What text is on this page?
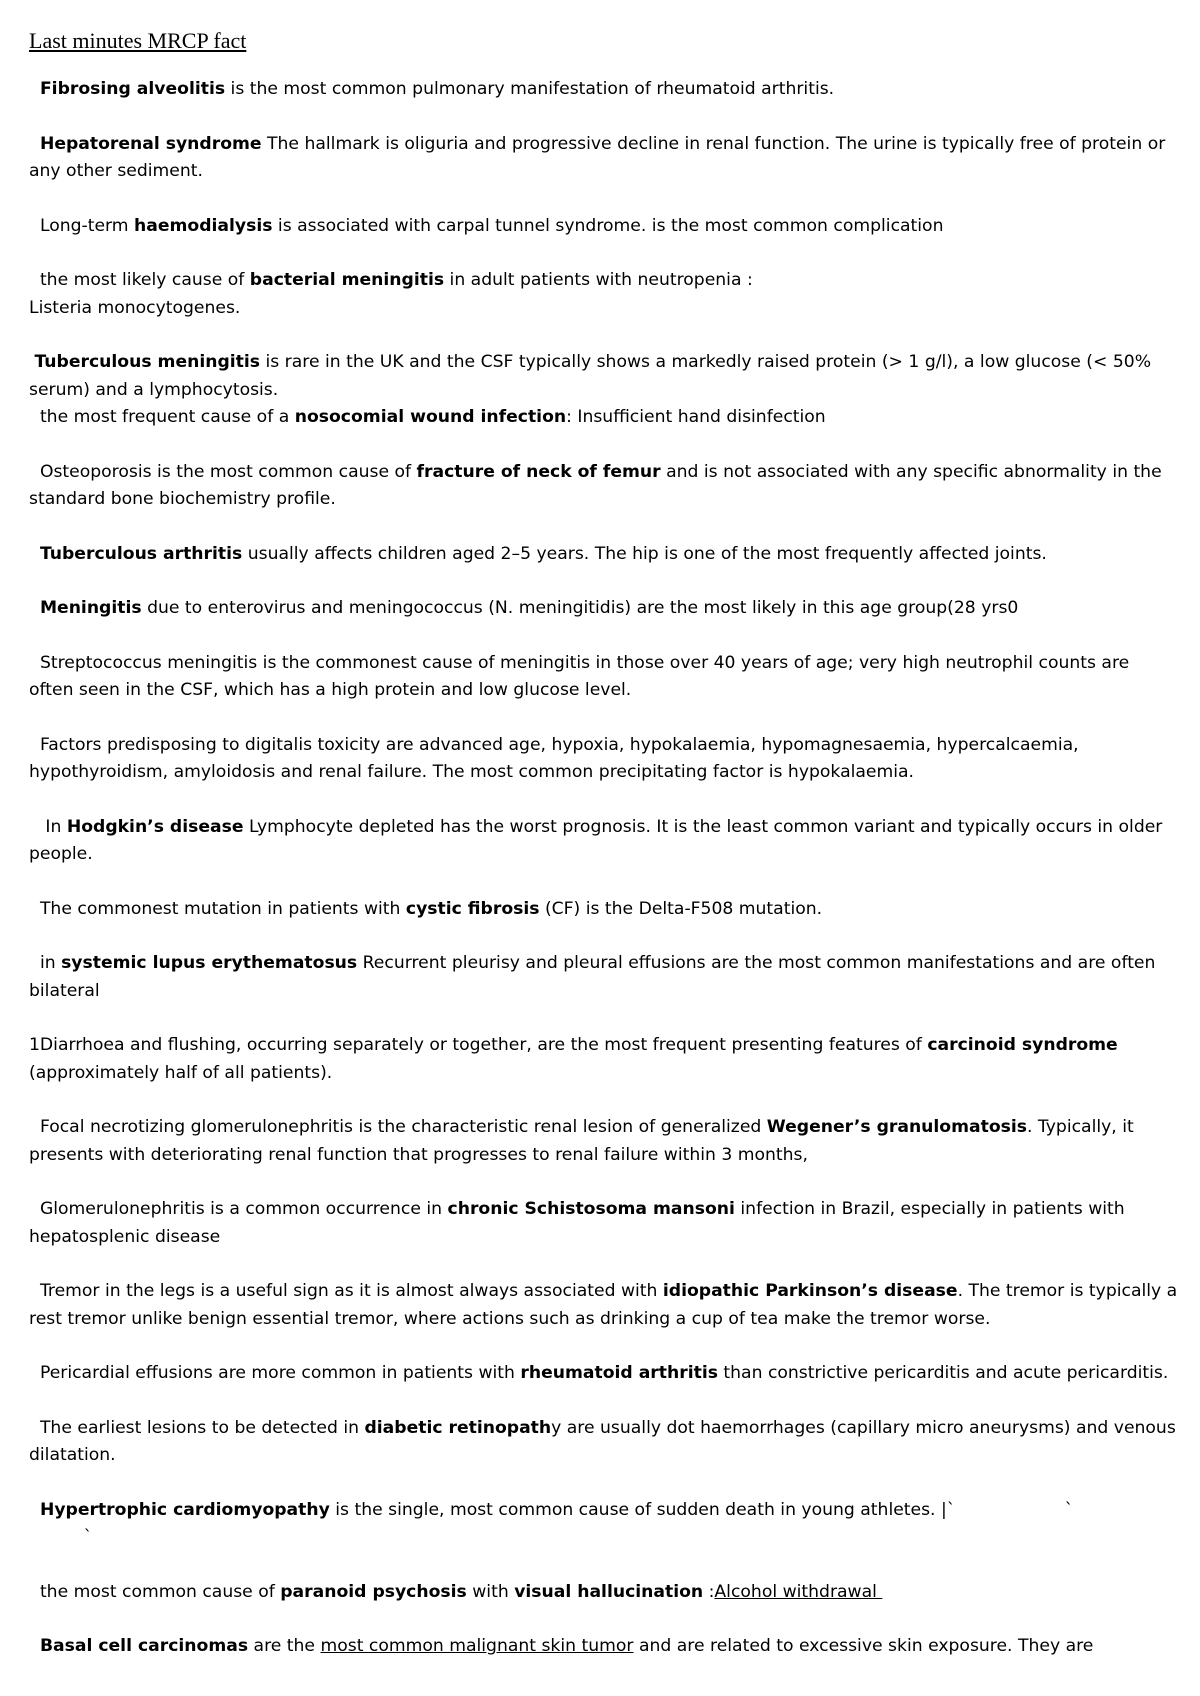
Last minutes MRCP fact

Fibrosing alveolitis is the most common pulmonary manifestation of rheumatoid arthritis.

Hepatorenal syndrome The hallmark is oliguria and progressive decline in renal function. The urine is typically free of protein or any other sediment.

Long-term haemodialysis is associated with carpal tunnel syndrome. is the most common complication

the most likely cause of bacterial meningitis in adult patients with neutropenia :
Listeria monocytogenes.

Tuberculous meningitis is rare in the UK and the CSF typically shows a markedly raised protein (> 1 g/l), a low glucose (< 50% serum) and a lymphocytosis.

the most frequent cause of a nosocomial wound infection: Insufficient hand disinfection

Osteoporosis is the most common cause of fracture of neck of femur and is not associated with any specific abnormality in the standard bone biochemistry profile.

Tuberculous arthritis usually affects children aged 2–5 years. The hip is one of the most frequently affected joints.

Meningitis due to enterovirus and meningococcus (N. meningitidis) are the most likely in this age group(28 yrs0

Streptococcus meningitis is the commonest cause of meningitis in those over 40 years of age; very high neutrophil counts are often seen in the CSF, which has a high protein and low glucose level.

Factors predisposing to digitalis toxicity are advanced age, hypoxia, hypokalaemia, hypomagnesaemia, hypercalcaemia, hypothyroidism, amyloidosis and renal failure. The most common precipitating factor is hypokalaemia.

In Hodgkin’s disease Lymphocyte depleted has the worst prognosis. It is the least common variant and typically occurs in older people.

The commonest mutation in patients with cystic fibrosis (CF) is the Delta-F508 mutation.

in systemic lupus erythematosus Recurrent pleurisy and pleural effusions are the most common manifestations and are often bilateral

1Diarrhoea and flushing, occurring separately or together, are the most frequent presenting features of carcinoid syndrome (approximately half of all patients).

Focal necrotizing glomerulonephritis is the characteristic renal lesion of generalized Wegener’s granulomatosis. Typically, it presents with deteriorating renal function that progresses to renal failure within 3 months,

Glomerulonephritis is a common occurrence in chronic Schistosoma mansoni infection in Brazil, especially in patients with hepatosplenic disease

Tremor in the legs is a useful sign as it is almost always associated with idiopathic Parkinson’s disease. The tremor is typically a rest tremor unlike benign essential tremor, where actions such as drinking a cup of tea make the tremor worse.

Pericardial effusions are more common in patients with rheumatoid arthritis than constrictive pericarditis and acute pericarditis.

The earliest lesions to be detected in diabetic retinopathy are usually dot haemorrhages (capillary micro aneurysms) and venous dilatation.

Hypertrophic cardiomyopathy is the single, most common cause of sudden death in young athletes. |`                    `
`

the most common cause of paranoid psychosis with visual hallucination :Alcohol withdrawal

Basal cell carcinomas are the most common malignant skin tumor and are related to excessive skin exposure. They are
